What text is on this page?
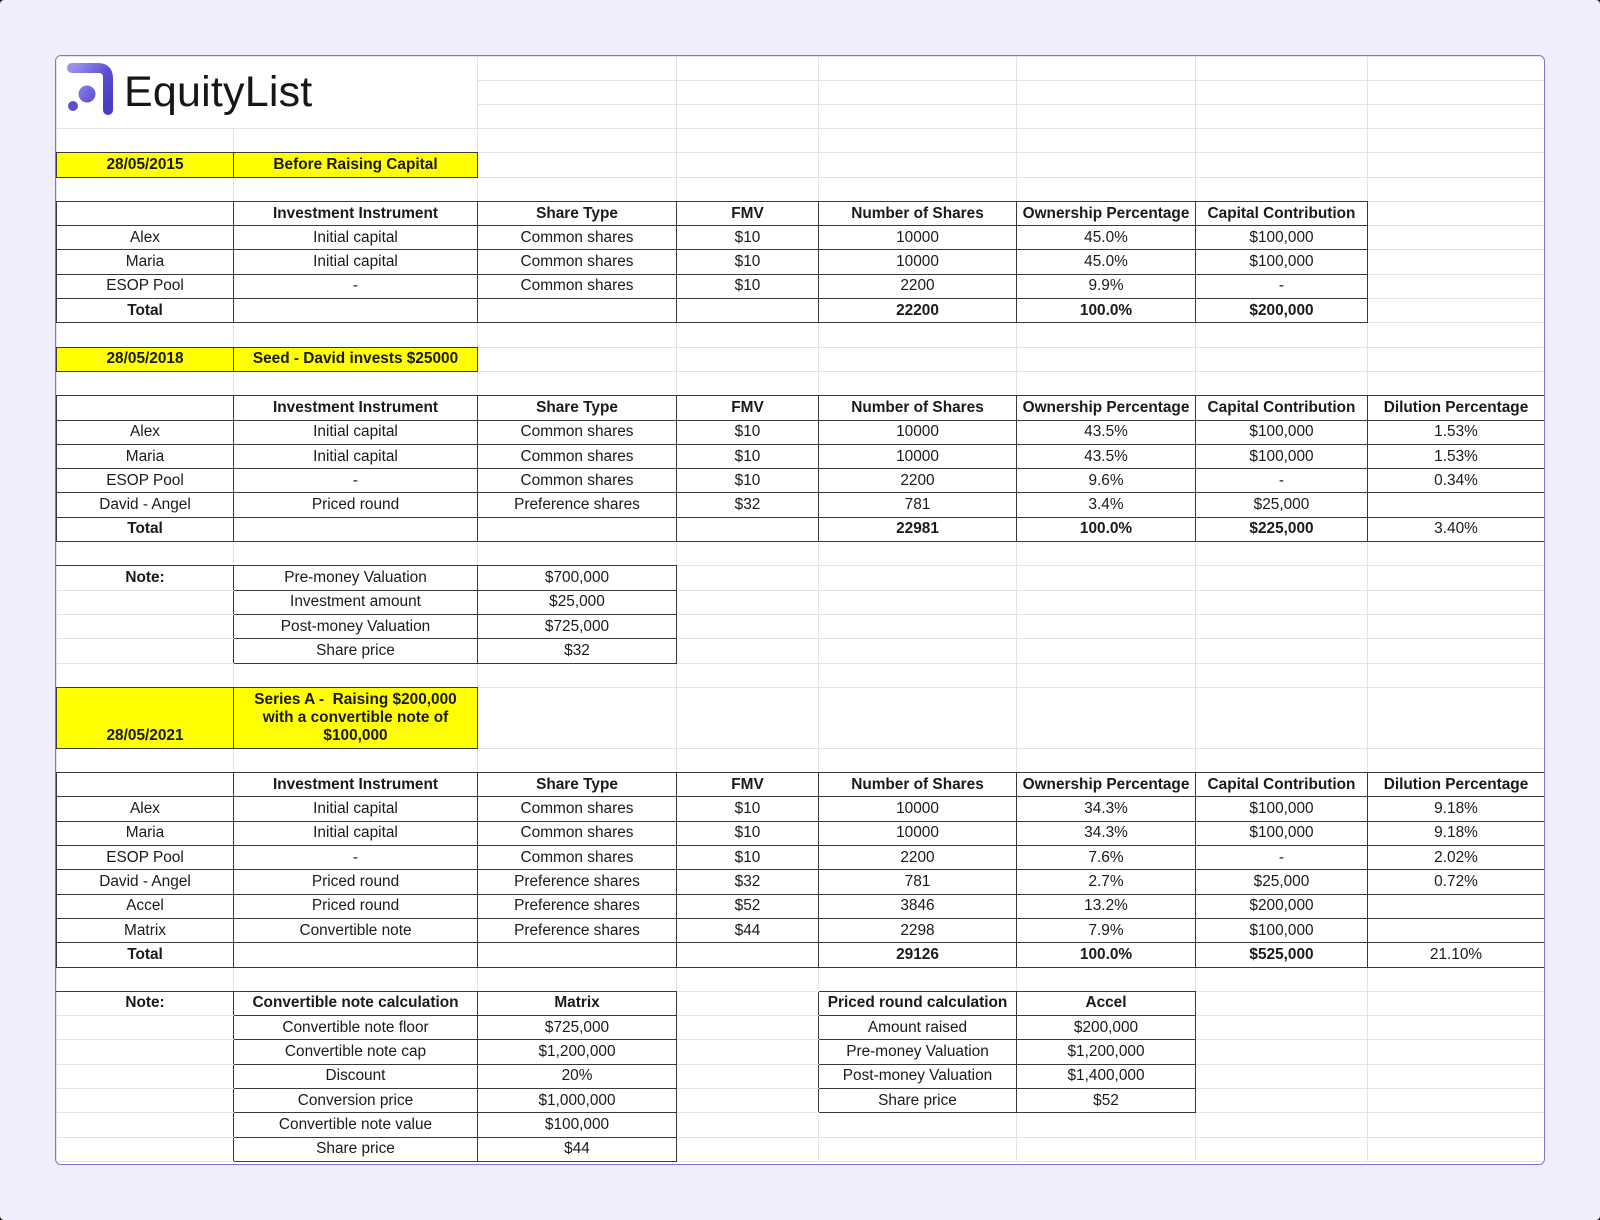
EquityList

28/05/2015	Before Raising Capital						

	Investment Instrument	Share Type	FMV	Number of Shares	Ownership Percentage	Capital Contribution	
Alex	Initial capital	Common shares	$10	10000	45.0%	$100,000	
Maria	Initial capital	Common shares	$10	10000	45.0%	$100,000	
ESOP Pool	-	Common shares	$10	2200	9.9%	-	
Total				22200	100.0%	$200,000	

28/05/2018	Seed - David invests $25000						

	Investment Instrument	Share Type	FMV	Number of Shares	Ownership Percentage	Capital Contribution	Dilution Percentage
Alex	Initial capital	Common shares	$10	10000	43.5%	$100,000	1.53%
Maria	Initial capital	Common shares	$10	10000	43.5%	$100,000	1.53%
ESOP Pool	-	Common shares	$10	2200	9.6%	-	0.34%
David - Angel	Priced round	Preference shares	$32	781	3.4%	$25,000	
Total				22981	100.0%	$225,000	3.40%

Note:	Pre-money Valuation	$700,000					
	Investment amount	$25,000					
	Post-money Valuation	$725,000					
	Share price	$32					

28/05/2021	Series A -  Raising $200,000 with a convertible note of $100,000						

	Investment Instrument	Share Type	FMV	Number of Shares	Ownership Percentage	Capital Contribution	Dilution Percentage
Alex	Initial capital	Common shares	$10	10000	34.3%	$100,000	9.18%
Maria	Initial capital	Common shares	$10	10000	34.3%	$100,000	9.18%
ESOP Pool	-	Common shares	$10	2200	7.6%	-	2.02%
David - Angel	Priced round	Preference shares	$32	781	2.7%	$25,000	0.72%
Accel	Priced round	Preference shares	$52	3846	13.2%	$200,000	
Matrix	Convertible note	Preference shares	$44	2298	7.9%	$100,000	
Total				29126	100.0%	$525,000	21.10%

Note:	Convertible note calculation	Matrix		Priced round calculation	Accel		
	Convertible note floor	$725,000		Amount raised	$200,000		
	Convertible note cap	$1,200,000		Pre-money Valuation	$1,200,000		
	Discount	20%		Post-money Valuation	$1,400,000		
	Conversion price	$1,000,000		Share price	$52		
	Convertible note value	$100,000					
	Share price	$44					
